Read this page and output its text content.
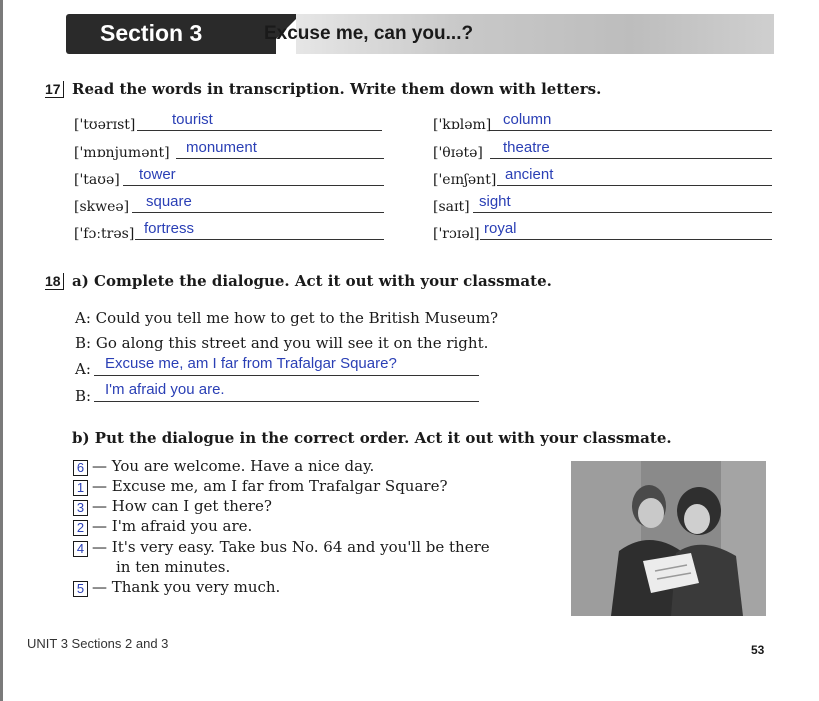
Section 3	Excuse me, can you...?
17 Read the words in transcription. Write them down with letters.
['tʊərɪst] tourist
['mɒnjumənt] monument
['taʊə] tower
[skweə] square
['fɔːtrəs] fortress
['kɒləm] column
['θɪətə] theatre
['eɪnʃənt] ancient
[saɪt] sight
['rɔɪəl] royal
18 a) Complete the dialogue. Act it out with your classmate.
A: Could you tell me how to get to the British Museum?
B: Go along this street and you will see it on the right.
A: Excuse me, am I far from Trafalgar Square?
B: I'm afraid you are.
b) Put the dialogue in the correct order. Act it out with your classmate.
6 — You are welcome. Have a nice day.
1 — Excuse me, am I far from Trafalgar Square?
3 — How can I get there?
2 — I'm afraid you are.
4 — It's very easy. Take bus No. 64 and you'll be there
in ten minutes.
5 — Thank you very much.
UNIT 3 Sections 2 and 3	53
